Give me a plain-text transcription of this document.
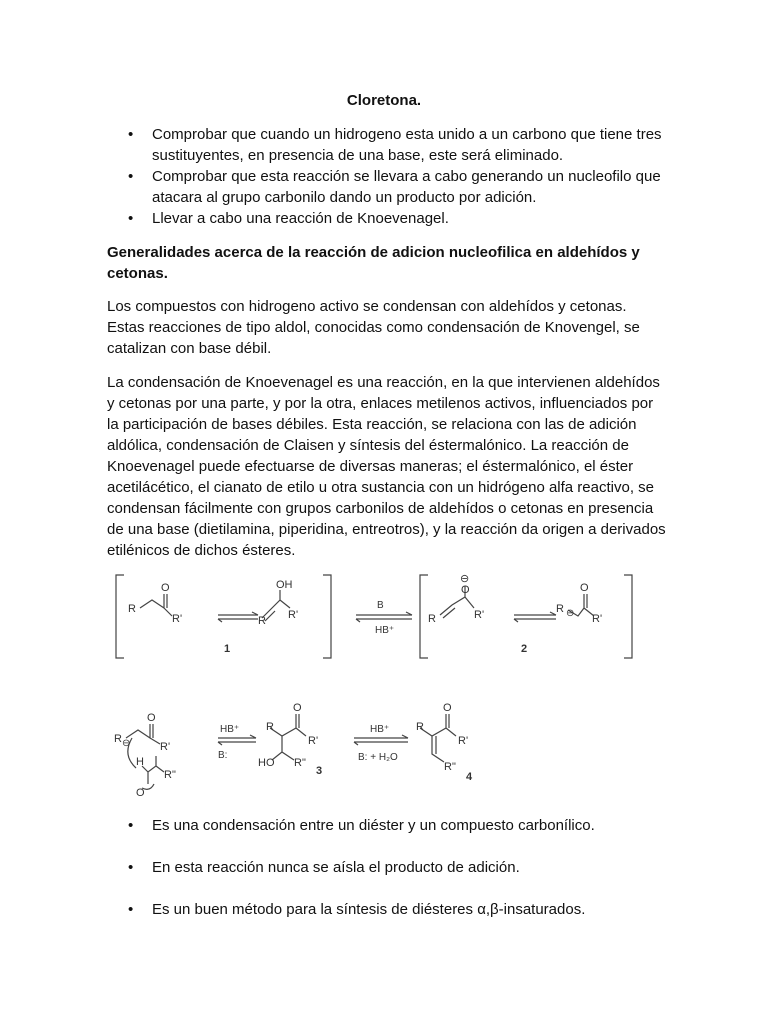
Cloretona.
• Comprobar que cuando un hidrogeno esta unido a un carbono que tiene tres sustituyentes, en presencia de una base, este será eliminado.
• Comprobar que esta reacción se llevara a cabo generando un nucleofilo que atacara al grupo carbonilo dando un producto por adición.
• Llevar a cabo una reacción de Knoevenagel.
Generalidades acerca de la reacción de adicion nucleofilica en aldehídos y cetonas.
Los compuestos con hidrogeno activo se condensan con aldehídos y cetonas. Estas reacciones de tipo aldol, conocidas como condensación de Knovengel, se catalizan con base débil.
La condensación de Knoevenagel es una reacción, en la que intervienen aldehídos y cetonas por una parte, y por la otra, enlaces metilenos activos, influenciados por la participación de bases débiles. Esta reacción, se relaciona con las de adición aldólica, condensación de Claisen y síntesis del éstermalónico. La reacción de Knoevenagel puede efectuarse de diversas maneras; el éstermalónico, el éster acetilácético, el cianato de etilo u otra sustancia con un hidrógeno alfa reactivo, se condensan fácilmente con grupos carbonilos de aldehídos o cetonas en presencia de una base (dietilamina, piperidina, entreotros), y la reacción da origen a derivados etilénicos de dichos ésteres.
R
O
R'	R
OH
R'
1
B
HB⁺
R
⊖
O
R'	R ⊖
O
R'
2
R ⊖
O
R'
H
R"
O
HB⁺
B:
R
O
R'
HO R"
3
HB⁺
B: + H₂O
R
O
R'
R"
4
• Es una condensación entre un diéster y un compuesto carbonílico.
• En esta reacción nunca se aísla el producto de adición.
• Es un buen método para la síntesis de diésteres α,β-insaturados.
